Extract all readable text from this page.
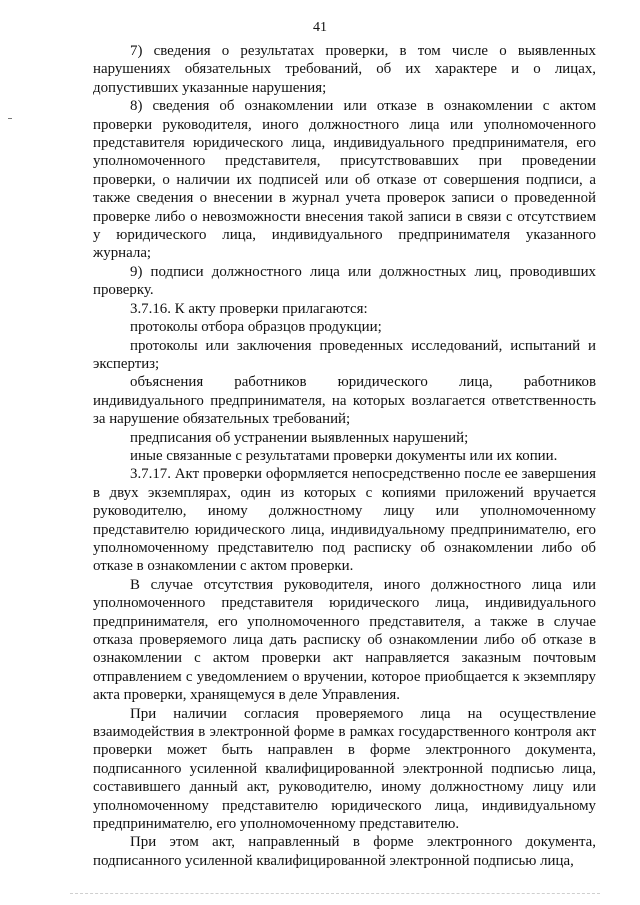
41

7) сведения о результатах проверки, в том числе о выявленных нарушениях обязательных требований, об их характере и о лицах, допустивших указанные нарушения;

8) сведения об ознакомлении или отказе в ознакомлении с актом проверки руководителя, иного должностного лица или уполномоченного представителя юридического лица, индивидуального предпринимателя, его уполномоченного представителя, присутствовавших при проведении проверки, о наличии их подписей или об отказе от совершения подписи, а также сведения о внесении в журнал учета проверок записи о проведенной проверке либо о невозможности внесения такой записи в связи с отсутствием у юридического лица, индивидуального предпринимателя указанного журнала;

9) подписи должностного лица или должностных лиц, проводивших проверку.

3.7.16. К акту проверки прилагаются:

протоколы отбора образцов продукции;

протоколы или заключения проведенных исследований, испытаний и экспертиз;

объяснения работников юридического лица, работников индивидуального предпринимателя, на которых возлагается ответственность за нарушение обязательных требований;

предписания об устранении выявленных нарушений;

иные связанные с результатами проверки документы или их копии.

3.7.17. Акт проверки оформляется непосредственно после ее завершения в двух экземплярах, один из которых с копиями приложений вручается руководителю, иному должностному лицу или уполномоченному представителю юридического лица, индивидуальному предпринимателю, его уполномоченному представителю под расписку об ознакомлении либо об отказе в ознакомлении с актом проверки.

В случае отсутствия руководителя, иного должностного лица или уполномоченного представителя юридического лица, индивидуального предпринимателя, его уполномоченного представителя, а также в случае отказа проверяемого лица дать расписку об ознакомлении либо об отказе в ознакомлении с актом проверки акт направляется заказным почтовым отправлением с уведомлением о вручении, которое приобщается к экземпляру акта проверки, хранящемуся в деле Управления.

При наличии согласия проверяемого лица на осуществление взаимодействия в электронной форме в рамках государственного контроля акт проверки может быть направлен в форме электронного документа, подписанного усиленной квалифицированной электронной подписью лица, составившего данный акт, руководителю, иному должностному лицу или уполномоченному представителю юридического лица, индивидуальному предпринимателю, его уполномоченному представителю.

При этом акт, направленный в форме электронного документа, подписанного усиленной квалифицированной электронной подписью лица,
